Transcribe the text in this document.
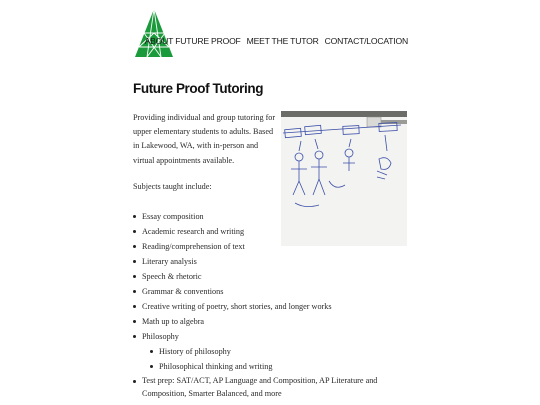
ABOUT FUTURE PROOF MEET THE TUTOR CONTACT/LOCATION
Future Proof Tutoring

Providing individual and group tutoring for upper elementary students to adults. Based in Lakewood, WA, with in-person and virtual appointments available.

Subjects taught include:

Essay composition
Academic research and writing
Reading/comprehension of text
Literary analysis
Speech & rhetoric
Grammar & conventions
Creative writing of poetry, short stories, and longer works
Math up to algebra
Philosophy
History of philosophy
Philosophical thinking and writing
Test prep: SAT/ACT, AP Language and Composition, AP Literature and Composition, Smarter Balanced, and more
